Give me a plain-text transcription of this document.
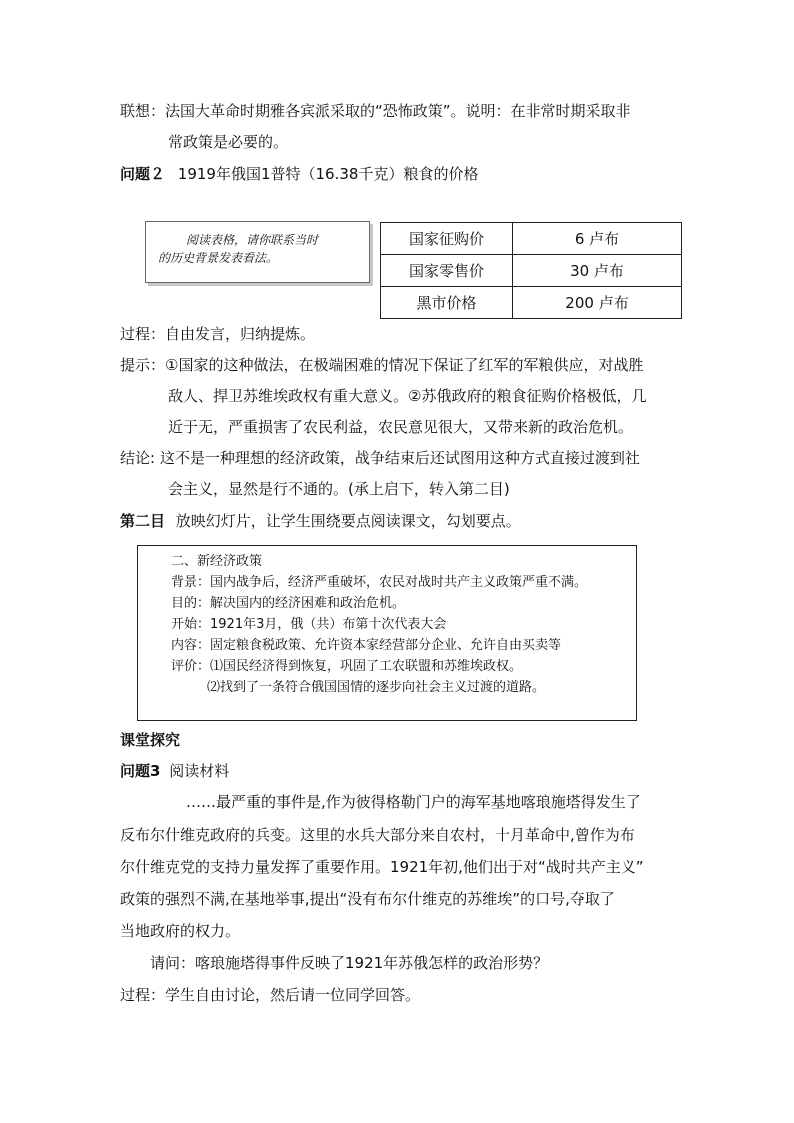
联想：法国大革命时期雅各宾派采取的“恐怖政策”。说明：在非常时期采取非
常政策是必要的。
问题２ 1919年俄国1普特（16.38千克）粮食的价格
阅读表格，请你联系当时
的历史背景发表看法。
国家征购价	6 卢布
国家零售价	30 卢布
黑市价格	200 卢布
过程：自由发言，归纳提炼。
提示：①国家的这种做法，在极端困难的情况下保证了红军的军粮供应，对战胜
敌人、捍卫苏维埃政权有重大意义。②苏俄政府的粮食征购价格极低，几
近于无，严重损害了农民利益，农民意见很大，又带来新的政治危机。
结论: 这不是一种理想的经济政策，战争结束后还试图用这种方式直接过渡到社
会主义，显然是行不通的。(承上启下，转入第二目)
第二目 放映幻灯片，让学生围绕要点阅读课文，勾划要点。
二、新经济政策
背景：国内战争后，经济严重破坏，农民对战时共产主义政策严重不满。
目的：解决国内的经济困难和政治危机。
开始：1921年3月，俄（共）布第十次代表大会
内容：固定粮食税政策、允许资本家经营部分企业、允许自由买卖等
评价：⑴国民经济得到恢复，巩固了工农联盟和苏维埃政权。
⑵找到了一条符合俄国国情的逐步向社会主义过渡的道路。
课堂探究
问题3 阅读材料
……最严重的事件是,作为彼得格勒门户的海军基地喀琅施塔得发生了
反布尔什维克政府的兵变。这里的水兵大部分来自农村，十月革命中,曾作为布
尔什维克党的支持力量发挥了重要作用。1921年初,他们出于对“战时共产主义”
政策的强烈不满,在基地举事,提出“没有布尔什维克的苏维埃”的口号,夺取了
当地政府的权力。
请问：喀琅施塔得事件反映了1921年苏俄怎样的政治形势？
过程：学生自由讨论，然后请一位同学回答。
